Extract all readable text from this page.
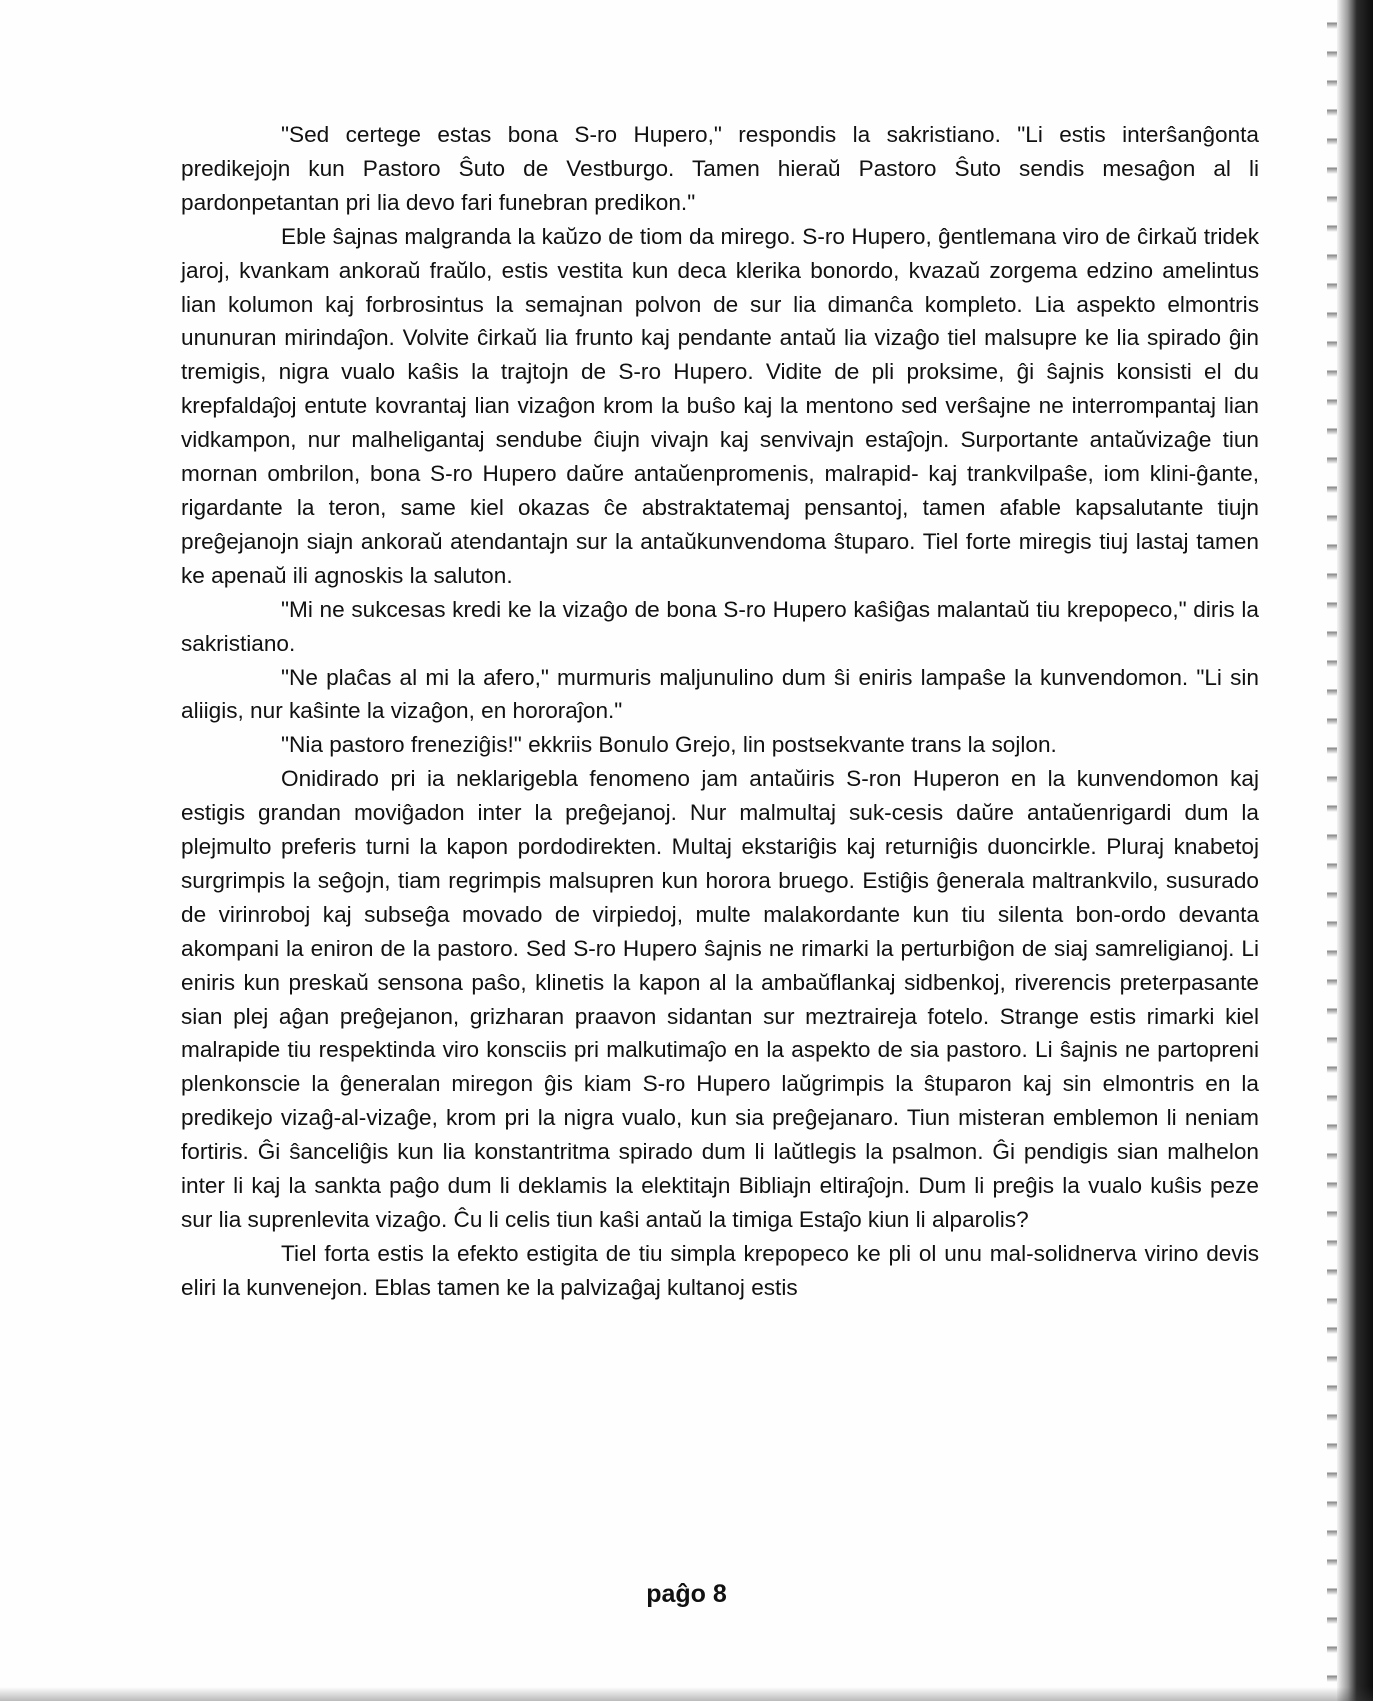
"Sed certege estas bona S-ro Hupero," respondis la sakristiano. "Li estis interŝanĝonta predikejojn kun Pastoro Ŝuto de Vestburgo. Tamen hieraŭ Pastoro Ŝuto sendis mesaĝon al li pardonpetantan pri lia devo fari funebran predikon."

Eble ŝajnas malgranda la kaŭzo de tiom da mirego. S-ro Hupero, ĝentlemana viro de ĉirkaŭ tridek jaroj, kvankam ankoraŭ fraŭlo, estis vestita kun deca klerika bonordo, kvazaŭ zorgema edzino amelintus lian kolumon kaj forbrosintus la semajnan polvon de sur lia dimanĉa kompleto. Lia aspekto elmontris ununuran mirindaĵon. Volvite ĉirkaŭ lia frunto kaj pendante antaŭ lia vizaĝo tiel malsupre ke lia spirado ĝin tremigis, nigra vualo kaŝis la trajtojn de S-ro Hupero. Vidite de pli proksime, ĝi ŝajnis konsisti el du krepfaldaĵoj entute kovrantaj lian vizaĝon krom la buŝo kaj la mentono sed verŝajne ne interrompantaj lian vidkampon, nur malheligantaj sendube ĉiujn vivajn kaj senvivajn estaĵojn. Surportante antaŭvizaĝe tiun mornan ombrilon, bona S-ro Hupero daŭre antaŭenpromenis, malrapid- kaj trankvilpaŝe, iom klini-ĝante, rigardante la teron, same kiel okazas ĉe abstraktatemaj pensantoj, tamen afable kapsalutante tiujn preĝejanojn siajn ankoraŭ atendantajn sur la antaŭkunvendoma ŝtuparo. Tiel forte miregis tiuj lastaj tamen ke apenaŭ ili agnoskis la saluton.

"Mi ne sukcesas kredi ke la vizaĝo de bona S-ro Hupero kaŝiĝas malantaŭ tiu krepopeco," diris la sakristiano.

"Ne plaĉas al mi la afero," murmuris maljunulino dum ŝi eniris lampaŝe la kunvendomon. "Li sin aliigis, nur kaŝinte la vizaĝon, en hororaĵon."

"Nia pastoro freneziĝis!" ekkriis Bonulo Grejo, lin postsekvante trans la sojlon.

Onidirado pri ia neklarigebla fenomeno jam antaŭiris S-ron Huperon en la kunvendomon kaj estigis grandan moviĝadon inter la preĝejanoj. Nur malmultaj suk-cesis daŭre antaŭenrigardi dum la plejmulto preferis turni la kapon pordodirekten. Multaj ekstariĝis kaj returniĝis duoncirkle. Pluraj knabetoj surgrimpis la seĝojn, tiam regrimpis malsupren kun horora bruego. Estiĝis ĝenerala maltrankvilo, susurado de virinroboj kaj subseĝa movado de virpiedoj, multe malakordante kun tiu silenta bon-ordo devanta akompani la eniron de la pastoro. Sed S-ro Hupero ŝajnis ne rimarki la perturbiĝon de siaj samreligianoj. Li eniris kun preskaŭ sensona paŝo, klinetis la kapon al la ambaŭflankaj sidbenkoj, riverencis preterpasante sian plej aĝan preĝejanon, grizharan praavon sidantan sur meztraireja fotelo. Strange estis rimarki kiel malrapide tiu respektinda viro konsciis pri malkutimaĵo en la aspekto de sia pastoro. Li ŝajnis ne partopreni plenkonscie la ĝeneralan miregon ĝis kiam S-ro Hupero laŭgrimpis la ŝtuparon kaj sin elmontris en la predikejo vizaĝ-al-vizaĝe, krom pri la nigra vualo, kun sia preĝejanaro. Tiun misteran emblemon li neniam fortiris. Ĝi ŝanceliĝis kun lia konstantritma spirado dum li laŭtlegis la psalmon. Ĝi pendigis sian malhelon inter li kaj la sankta paĝo dum li deklamis la elektitajn Bibliajn eltiraĵojn. Dum li preĝis la vualo kuŝis peze sur lia suprenlevita vizaĝo. Ĉu li celis tiun kaŝi antaŭ la timiga Estaĵo kiun li alparolis?

Tiel forta estis la efekto estigita de tiu simpla krepopeco ke pli ol unu mal-solidnerva virino devis eliri la kunvenejon. Eblas tamen ke la palvizaĝaj kultanoj estis

paĝo 8
